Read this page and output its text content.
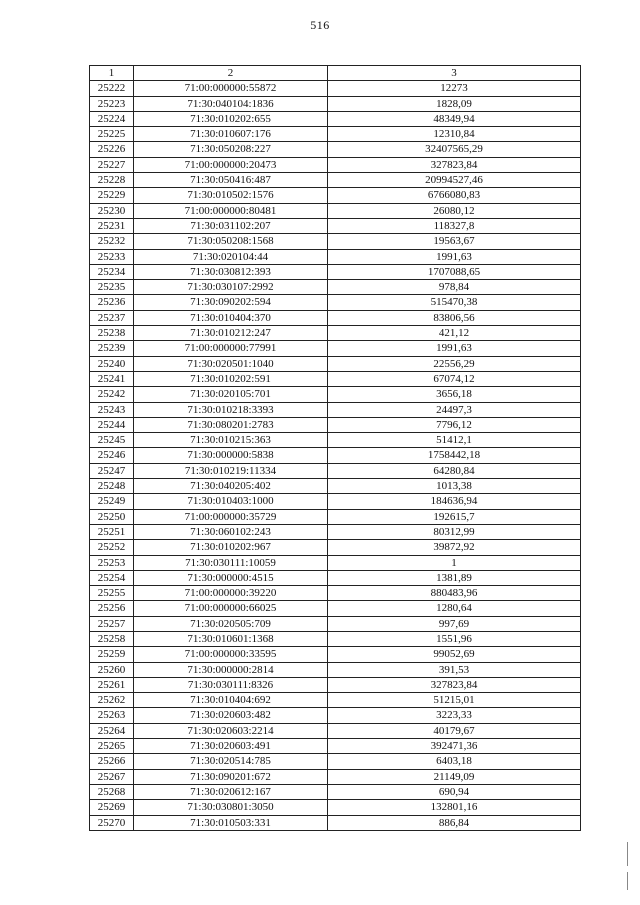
516
1	2	3
25222	71:00:000000:55872	12273
25223	71:30:040104:1836	1828,09
25224	71:30:010202:655	48349,94
25225	71:30:010607:176	12310,84
25226	71:30:050208:227	32407565,29
25227	71:00:000000:20473	327823,84
25228	71:30:050416:487	20994527,46
25229	71:30:010502:1576	6766080,83
25230	71:00:000000:80481	26080,12
25231	71:30:031102:207	118327,8
25232	71:30:050208:1568	19563,67
25233	71:30:020104:44	1991,63
25234	71:30:030812:393	1707088,65
25235	71:30:030107:2992	978,84
25236	71:30:090202:594	515470,38
25237	71:30:010404:370	83806,56
25238	71:30:010212:247	421,12
25239	71:00:000000:77991	1991,63
25240	71:30:020501:1040	22556,29
25241	71:30:010202:591	67074,12
25242	71:30:020105:701	3656,18
25243	71:30:010218:3393	24497,3
25244	71:30:080201:2783	7796,12
25245	71:30:010215:363	51412,1
25246	71:30:000000:5838	1758442,18
25247	71:30:010219:11334	64280,84
25248	71:30:040205:402	1013,38
25249	71:30:010403:1000	184636,94
25250	71:00:000000:35729	192615,7
25251	71:30:060102:243	80312,99
25252	71:30:010202:967	39872,92
25253	71:30:030111:10059	1
25254	71:30:000000:4515	1381,89
25255	71:00:000000:39220	880483,96
25256	71:00:000000:66025	1280,64
25257	71:30:020505:709	997,69
25258	71:30:010601:1368	1551,96
25259	71:00:000000:33595	99052,69
25260	71:30:000000:2814	391,53
25261	71:30:030111:8326	327823,84
25262	71:30:010404:692	51215,01
25263	71:30:020603:482	3223,33
25264	71:30:020603:2214	40179,67
25265	71:30:020603:491	392471,36
25266	71:30:020514:785	6403,18
25267	71:30:090201:672	21149,09
25268	71:30:020612:167	690,94
25269	71:30:030801:3050	132801,16
25270	71:30:010503:331	886,84
